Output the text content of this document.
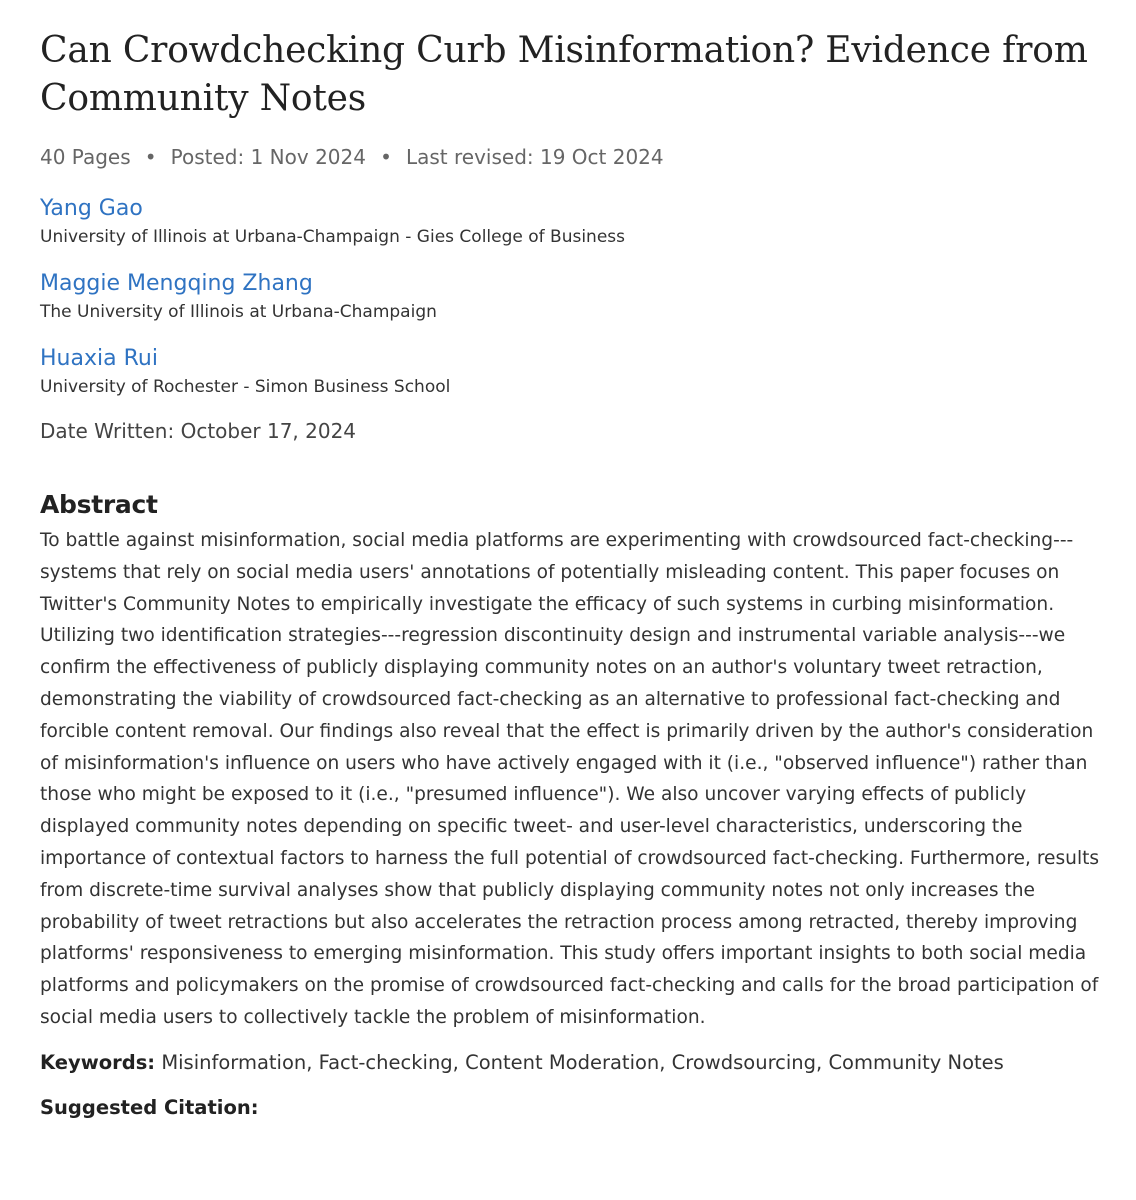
Can Crowdchecking Curb Misinformation? Evidence from Community Notes
40 Pages • Posted: 1 Nov 2024 • Last revised: 19 Oct 2024
Yang Gao
University of Illinois at Urbana-Champaign - Gies College of Business
Maggie Mengqing Zhang
The University of Illinois at Urbana-Champaign
Huaxia Rui
University of Rochester - Simon Business School
Date Written: October 17, 2024
Abstract

To battle against misinformation, social media platforms are experimenting with crowdsourced fact-checking---systems that rely on social media users' annotations of potentially misleading content. This paper focuses on Twitter's Community Notes to empirically investigate the efficacy of such systems in curbing misinformation. Utilizing two identification strategies---regression discontinuity design and instrumental variable analysis---we confirm the effectiveness of publicly displaying community notes on an author's voluntary tweet retraction, demonstrating the viability of crowdsourced fact-checking as an alternative to professional fact-checking and forcible content removal. Our findings also reveal that the effect is primarily driven by the author's consideration of misinformation's influence on users who have actively engaged with it (i.e., "observed influence") rather than those who might be exposed to it (i.e., "presumed influence"). We also uncover varying effects of publicly displayed community notes depending on specific tweet- and user-level characteristics, underscoring the importance of contextual factors to harness the full potential of crowdsourced fact-checking. Furthermore, results from discrete-time survival analyses show that publicly displaying community notes not only increases the probability of tweet retractions but also accelerates the retraction process among retracted, thereby improving platforms' responsiveness to emerging misinformation. This study offers important insights to both social media platforms and policymakers on the promise of crowdsourced fact-checking and calls for the broad participation of social media users to collectively tackle the problem of misinformation.

Keywords: Misinformation, Fact-checking, Content Moderation, Crowdsourcing, Community Notes
Suggested Citation:
